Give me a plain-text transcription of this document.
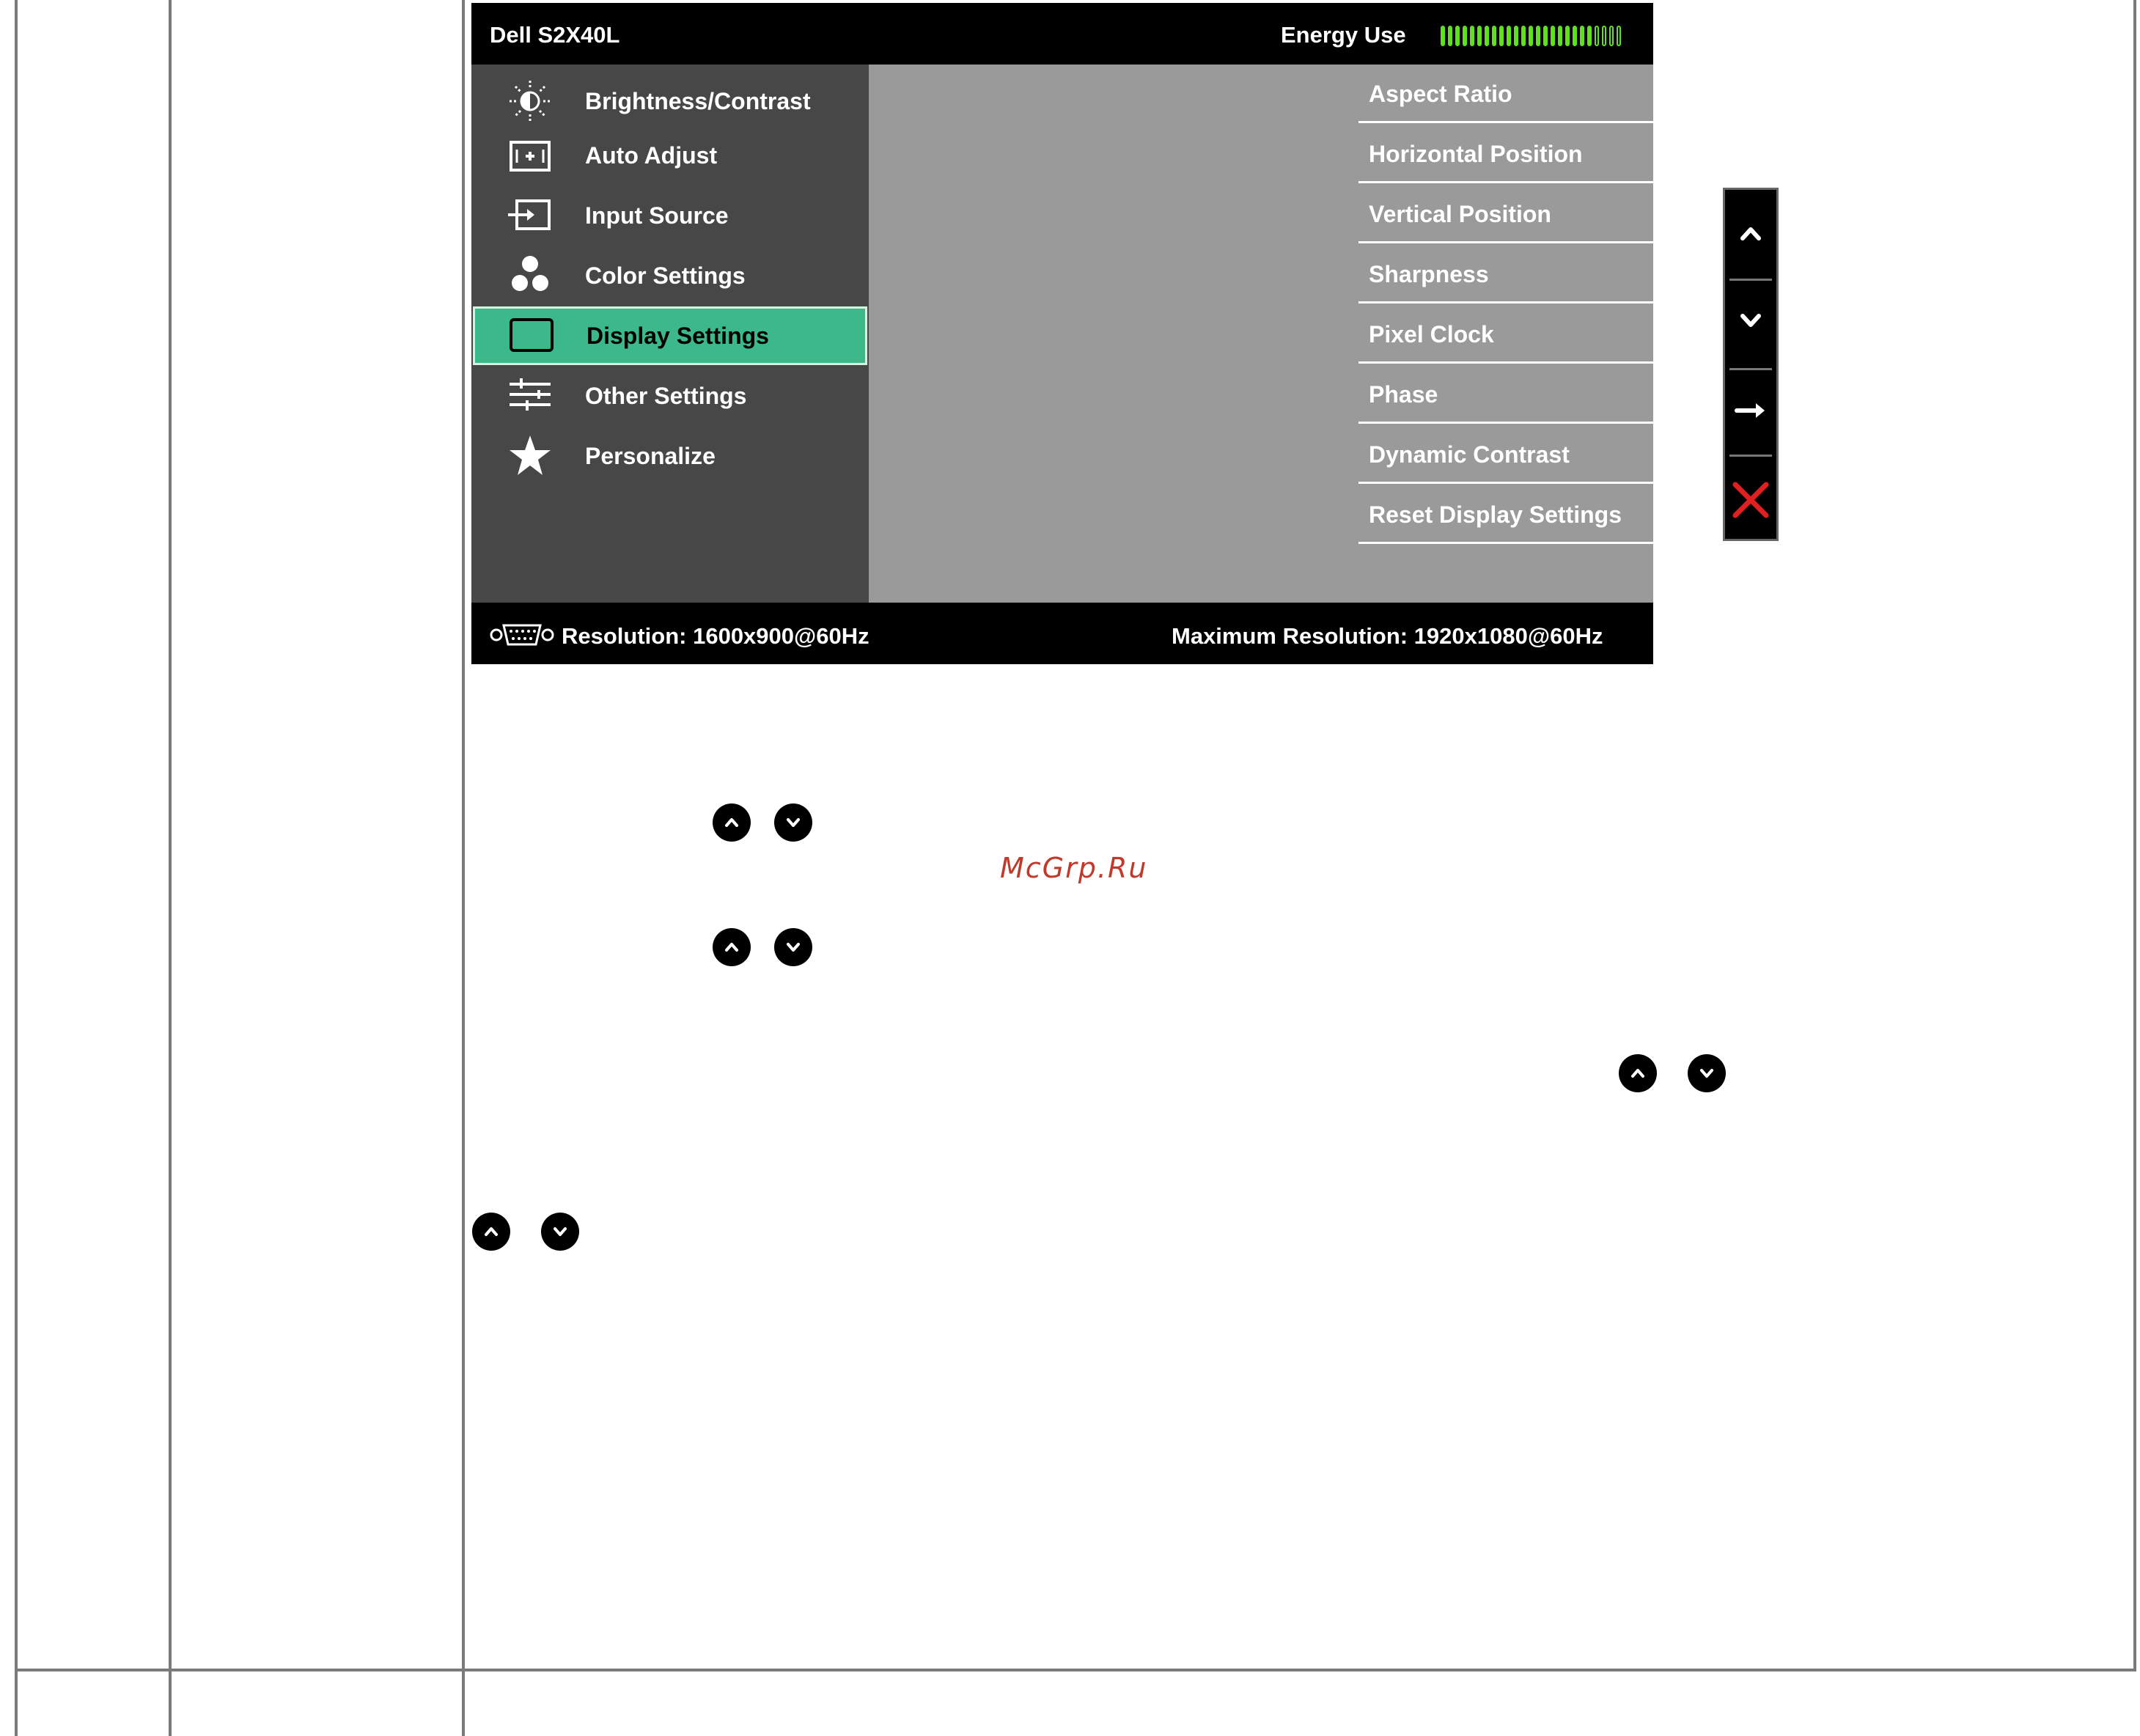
Dell S2X40L	Energy Use
Brightness/Contrast
Auto Adjust
Input Source
Color Settings
Display Settings
Other Settings
Personalize
Resolution: 1600x900@60Hz	Maximum Resolution: 1920x1080@60Hz
Aspect Ratio	Wide 16:9
Horizontal Position	50
Vertical Position
Sharpness
Pixel Clock
Phase
Dynamic Contrast
Reset Display Settings
McGrp.Ru
